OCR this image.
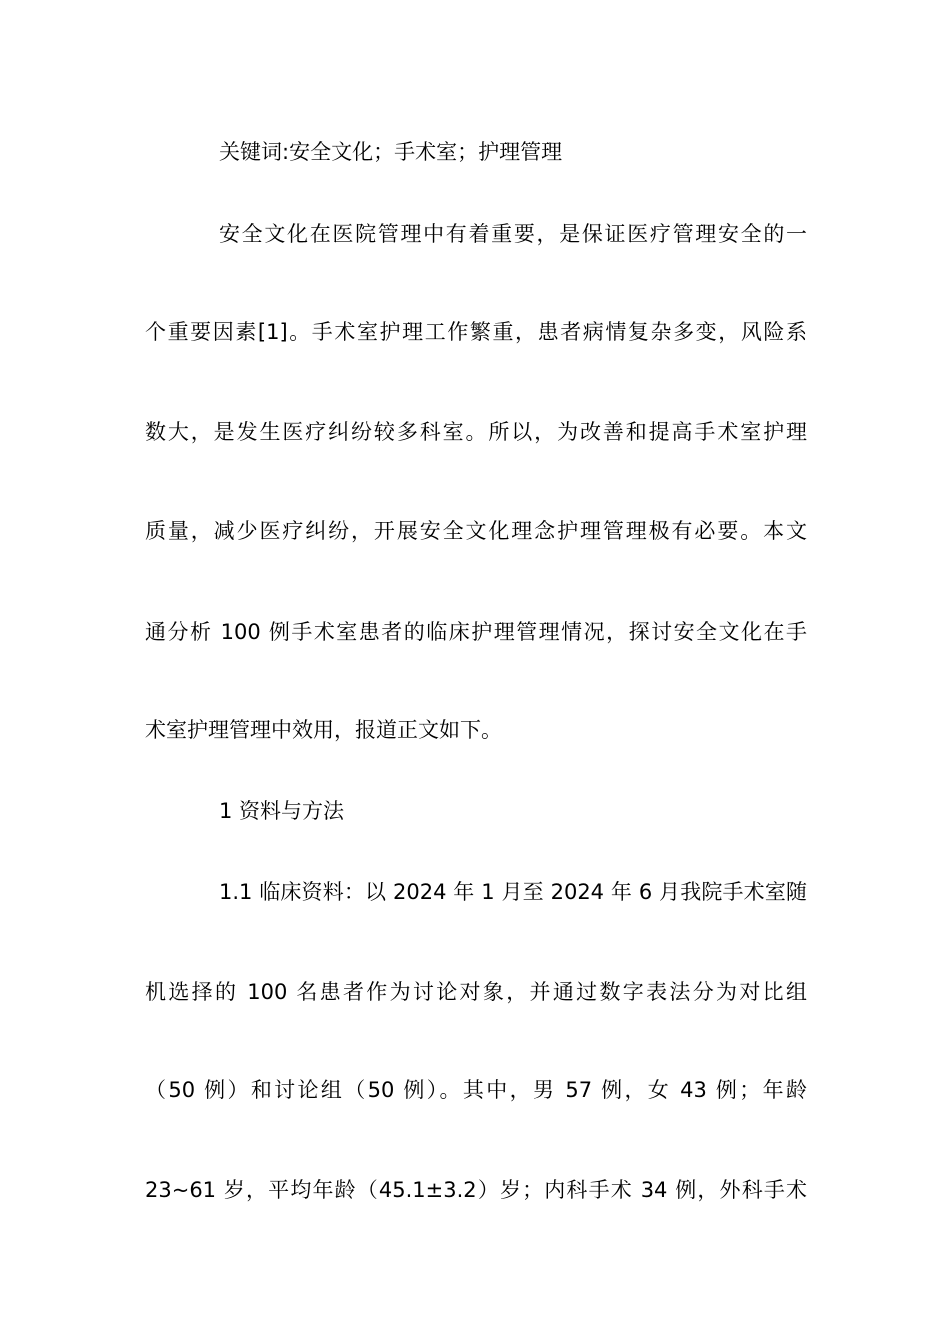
关键词:安全文化；手术室；护理管理
安全文化在医院管理中有着重要，是保证医疗管理安全的一
个重要因素[1]。手术室护理工作繁重，患者病情复杂多变，风险系
数大，是发生医疗纠纷较多科室。所以，为改善和提高手术室护理
质量，减少医疗纠纷，开展安全文化理念护理管理极有必要。本文
通分析 100 例手术室患者的临床护理管理情况，探讨安全文化在手
术室护理管理中效用，报道正文如下。
1 资料与方法
1.1 临床资料：以 2024 年 1 月至 2024 年 6 月我院手术室随
机选择的 100 名患者作为讨论对象，并通过数字表法分为对比组
（50 例）和讨论组（50 例）。其中，男 57 例，女 43 例；年龄
23~61 岁，平均年龄（45.1±3.2）岁；内科手术 34 例，外科手术
